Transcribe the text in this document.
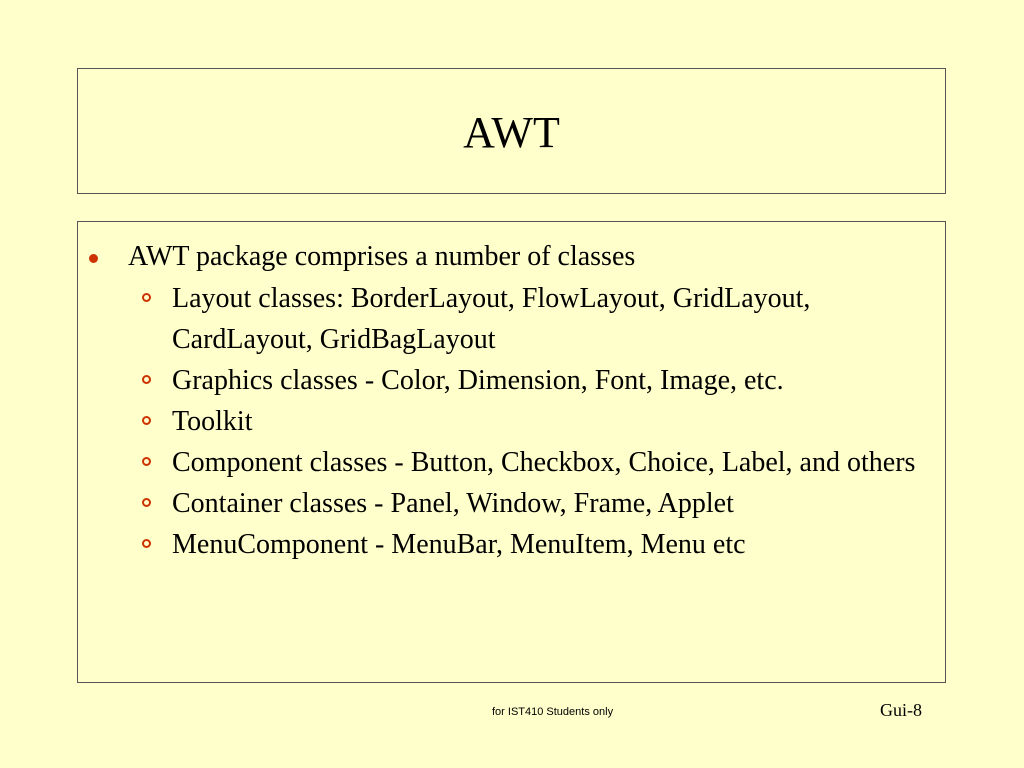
AWT
AWT package comprises a number of classes
Layout classes: BorderLayout, FlowLayout, GridLayout, CardLayout, GridBagLayout
Graphics classes - Color, Dimension, Font, Image, etc.
Toolkit
Component classes - Button, Checkbox, Choice, Label, and others
Container classes - Panel, Window, Frame, Applet
MenuComponent - MenuBar, MenuItem, Menu etc
for IST410 Students only	Gui-8
